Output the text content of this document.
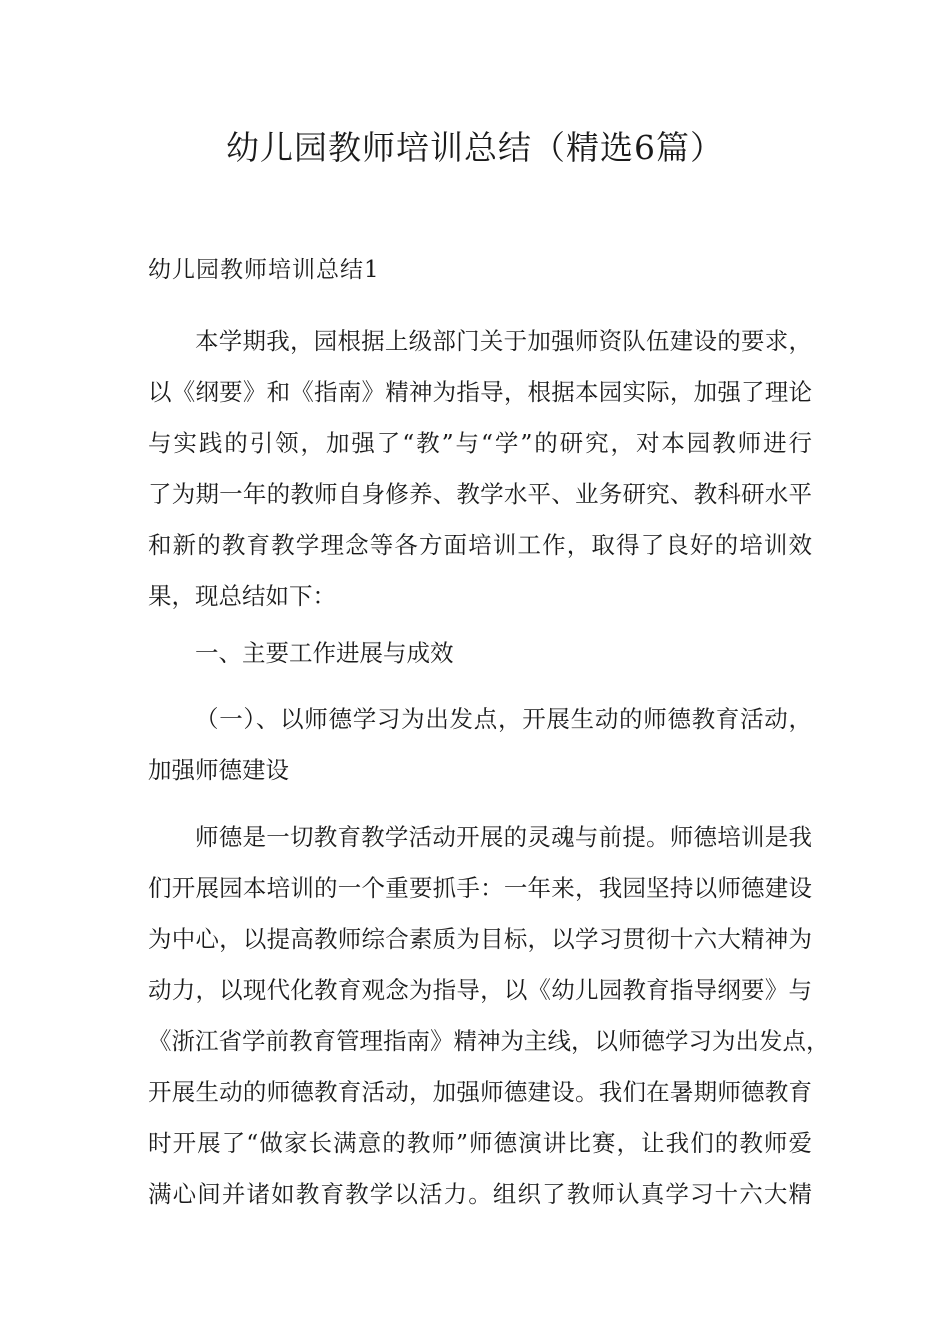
幼儿园教师培训总结（精选6篇）
幼儿园教师培训总结1

本学期我，园根据上级部门关于加强师资队伍建设的要求，
以《纲要》和《指南》精神为指导，根据本园实际，加强了理论
与实践的引领，加强了“教”与“学”的研究，对本园教师进行
了为期一年的教师自身修养、教学水平、业务研究、教科研水平
和新的教育教学理念等各方面培训工作，取得了良好的培训效
果，现总结如下：

一、主要工作进展与成效

（一）、以师德学习为出发点，开展生动的师德教育活动，
加强师德建设

师德是一切教育教学活动开展的灵魂与前提。师德培训是我
们开展园本培训的一个重要抓手：一年来，我园坚持以师德建设
为中心，以提高教师综合素质为目标，以学习贯彻十六大精神为
动力，以现代化教育观念为指导，以《幼儿园教育指导纲要》与
《浙江省学前教育管理指南》精神为主线，以师德学习为出发点，
开展生动的师德教育活动，加强师德建设。我们在暑期师德教育
时开展了“做家长满意的教师”师德演讲比赛，让我们的教师爱
满心间并诸如教育教学以活力。组织了教师认真学习十六大精
